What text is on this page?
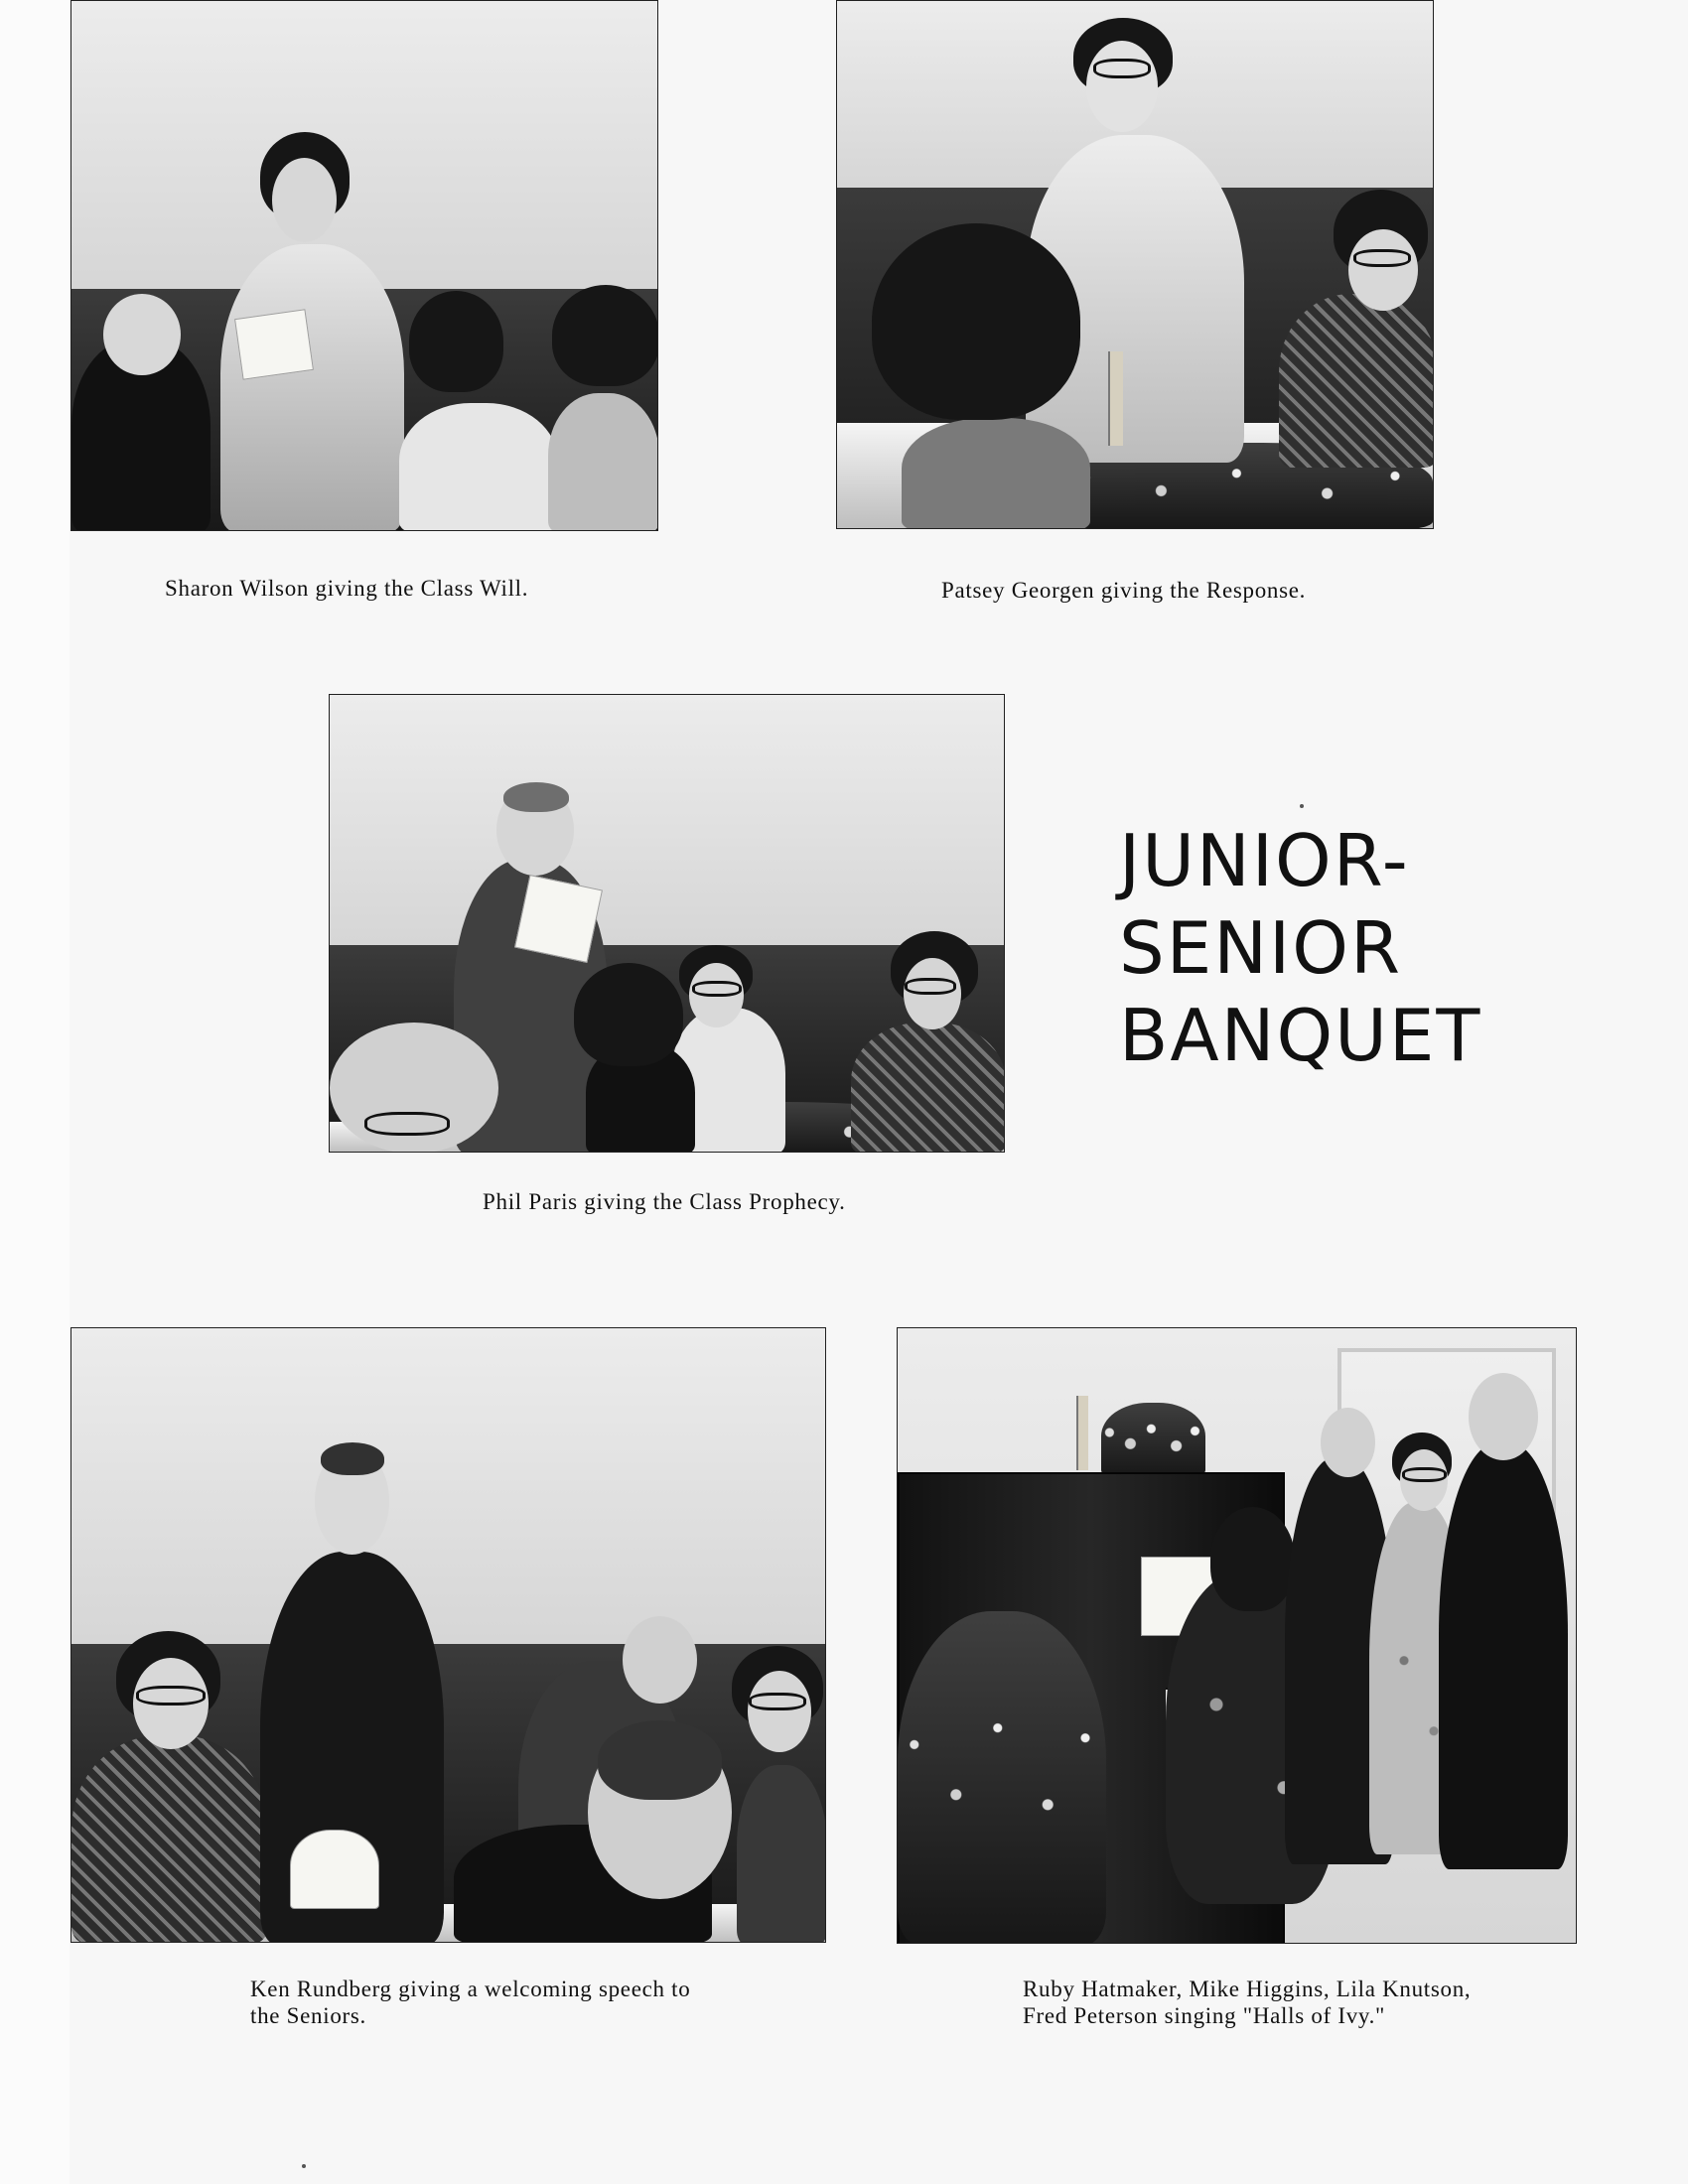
Sharon Wilson giving the Class Will.	Patsey Georgen giving the Response.
Phil Paris giving the Class Prophecy.
JUNIOR-
SENIOR
BANQUET
Ken Rundberg giving a welcoming speech to the Seniors.
Ruby Hatmaker, Mike Higgins, Lila Knutson, Fred Peterson singing "Halls of Ivy."
